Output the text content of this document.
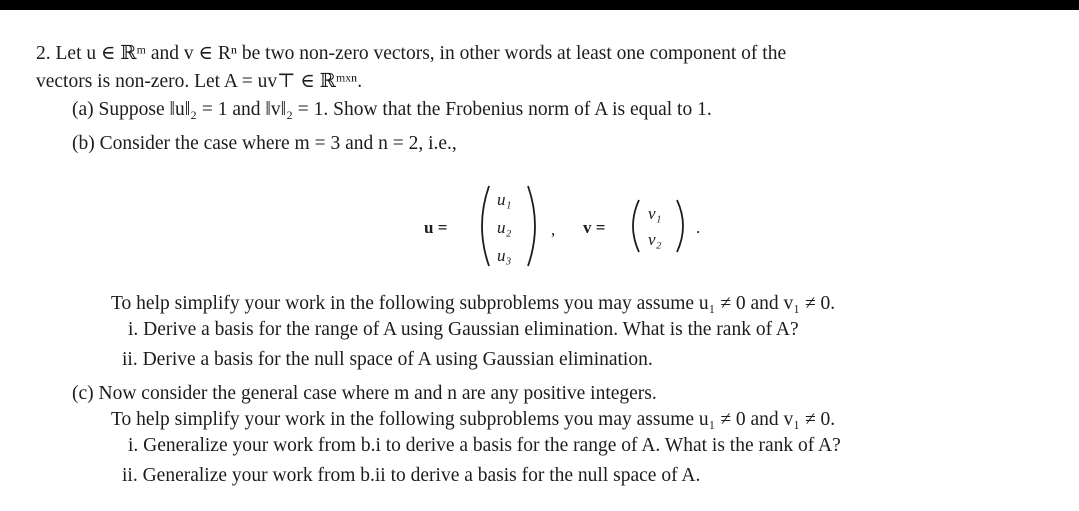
2. Let u ∈ ℝᵐ and v ∈ Rⁿ be two non-zero vectors, in other words at least one component of the

vectors is non-zero. Let A = uv⊤ ∈ ℝᵐˣⁿ.

(a) Suppose ‖u‖₂ = 1 and ‖v‖₂ = 1. Show that the Frobenius norm of A is equal to 1.

(b) Consider the case where m = 3 and n = 2, i.e.,

u =
u₁
u₂
u₃
, v =
v₁
v₂
.

To help simplify your work in the following subproblems you may assume u₁ ≠ 0 and v₁ ≠ 0.

i. Derive a basis for the range of A using Gaussian elimination. What is the rank of A?

ii. Derive a basis for the null space of A using Gaussian elimination.

(c) Now consider the general case where m and n are any positive integers.

To help simplify your work in the following subproblems you may assume u₁ ≠ 0 and v₁ ≠ 0.

i. Generalize your work from b.i to derive a basis for the range of A. What is the rank of A?

ii. Generalize your work from b.ii to derive a basis for the null space of A.
